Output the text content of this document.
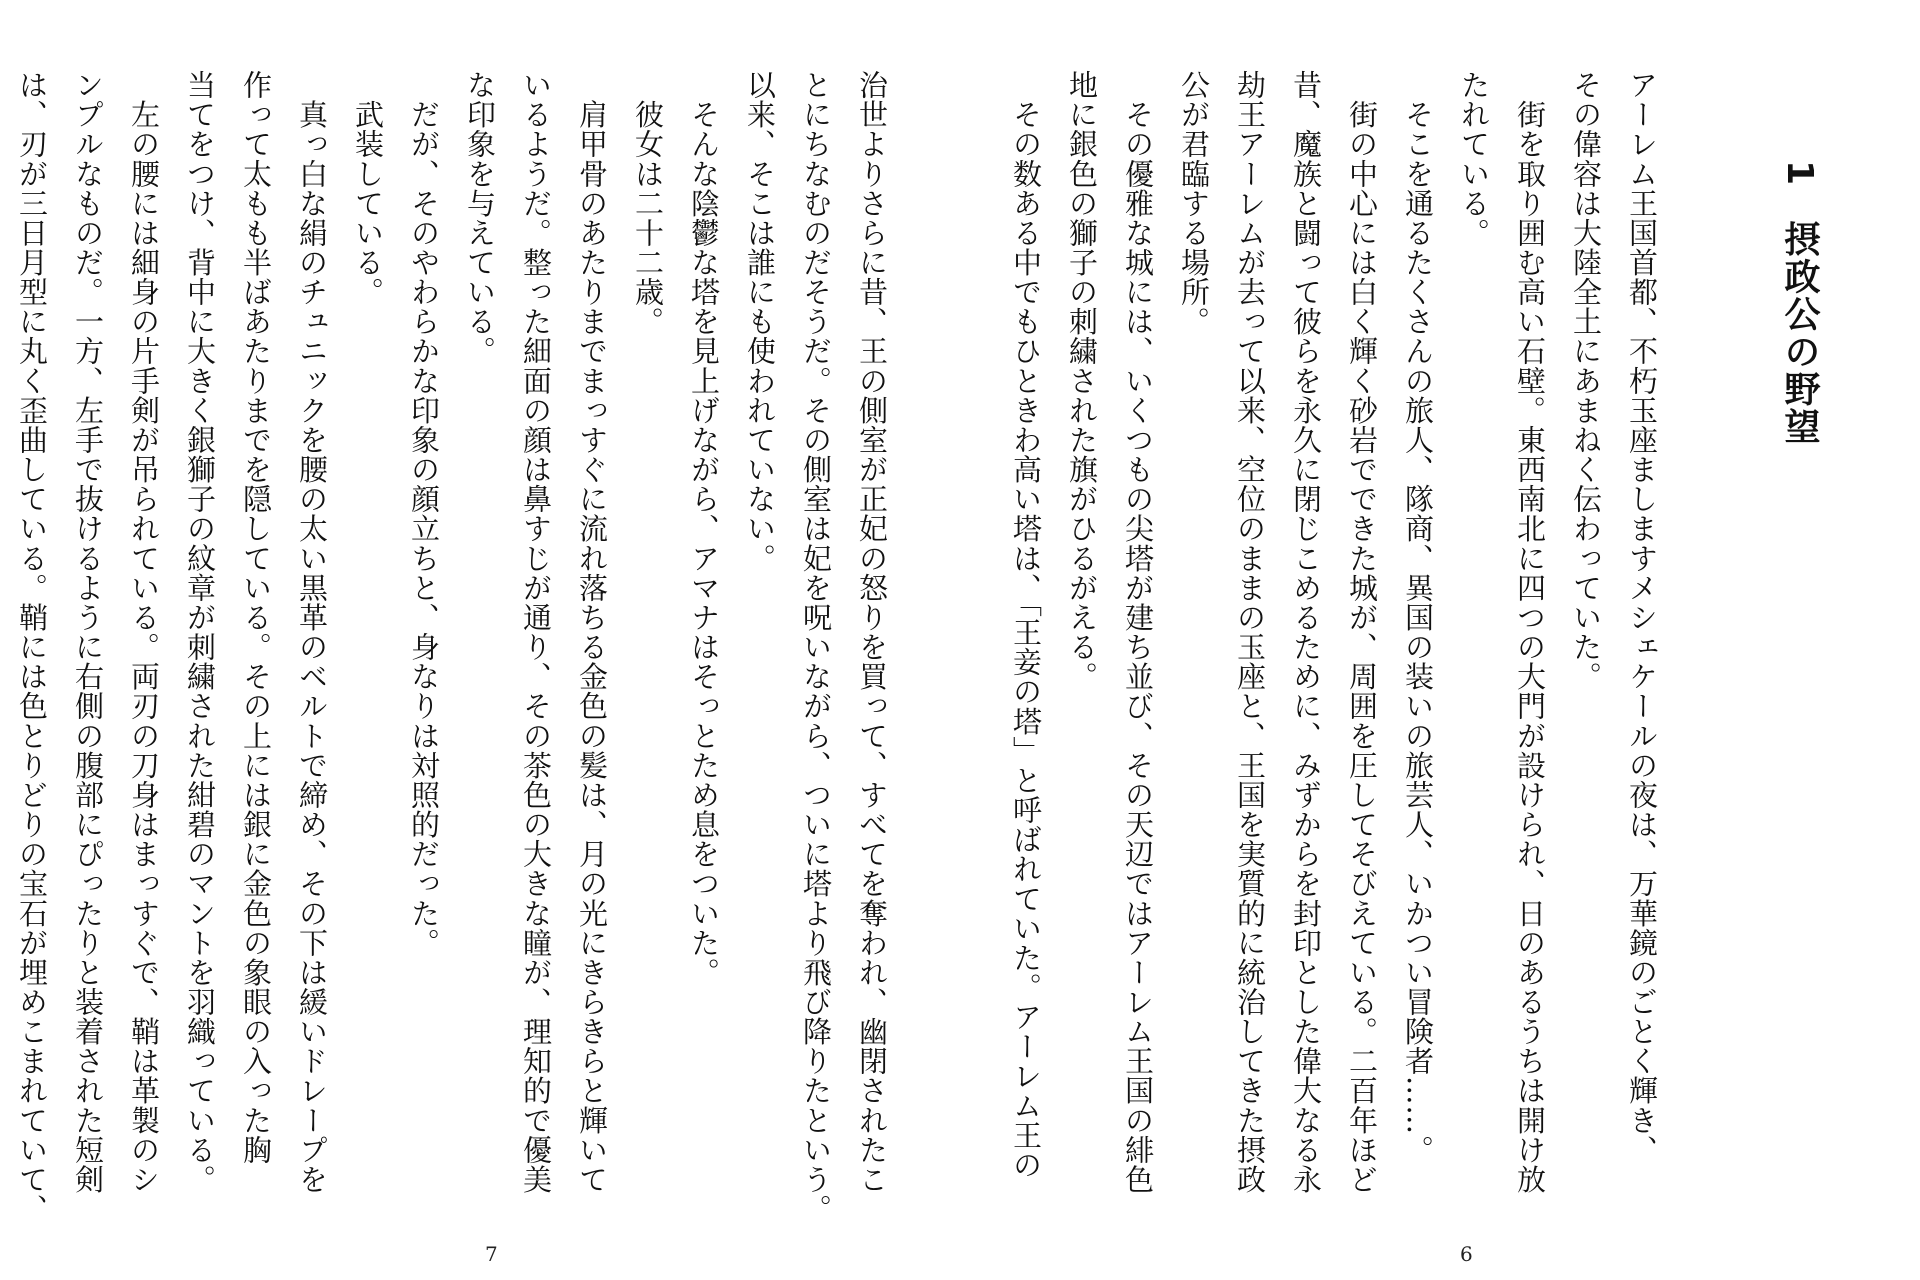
1摂政公の野望
アーレム王国首都、不朽玉座ましますメシェケールの夜は、万華鏡のごとく輝き、
その偉容は大陸全土にあまねく伝わっていた。
　街を取り囲む高い石壁。東西南北に四つの大門が設けられ、日のあるうちは開け放
たれている。
　そこを通るたくさんの旅人、隊商、異国の装いの旅芸人、いかつい冒険者……。
　街の中心には白く輝く砂岩でできた城が、周囲を圧してそびえている。二百年ほど
昔、魔族と闘って彼らを永久に閉じこめるために、みずからを封印とした偉大なる永
劫王アーレムが去って以来、空位のままの玉座と、王国を実質的に統治してきた摂政
公が君臨する場所。
　その優雅な城には、いくつもの尖塔が建ち並び、その天辺ではアーレム王国の緋色
地に銀色の獅子の刺繍された旗がひるがえる。
　その数ある中でもひときわ高い塔は、「王妾の塔」と呼ばれていた。アーレム王の
6
治世よりさらに昔、王の側室が正妃の怒りを買って、すべてを奪われ、幽閉されたこ
とにちなむのだそうだ。その側室は妃を呪いながら、ついに塔より飛び降りたという。
以来、そこは誰にも使われていない。
　そんな陰鬱な塔を見上げながら、アマナはそっとため息をついた。
　彼女は二十二歳。
　肩甲骨のあたりまでまっすぐに流れ落ちる金色の髪は、月の光にきらきらと輝いて
いるようだ。整った細面の顔は鼻すじが通り、その茶色の大きな瞳が、理知的で優美
な印象を与えている。
　だが、そのやわらかな印象の顔立ちと、身なりは対照的だった。
　武装している。
　真っ白な絹のチュニックを腰の太い黒革のベルトで締め、その下は緩いドレープを
作って太もも半ばあたりまでを隠している。その上には銀に金色の象眼の入った胸
当てをつけ、背中に大きく銀獅子の紋章が刺繍された紺碧のマントを羽織っている。
　左の腰には細身の片手剣が吊られている。両刃の刀身はまっすぐで、鞘は革製のシ
ンプルなものだ。一方、左手で抜けるように右側の腹部にぴったりと装着された短剣
は、刃が三日月型に丸く歪曲している。鞘には色とりどりの宝石が埋めこまれていて、
7
